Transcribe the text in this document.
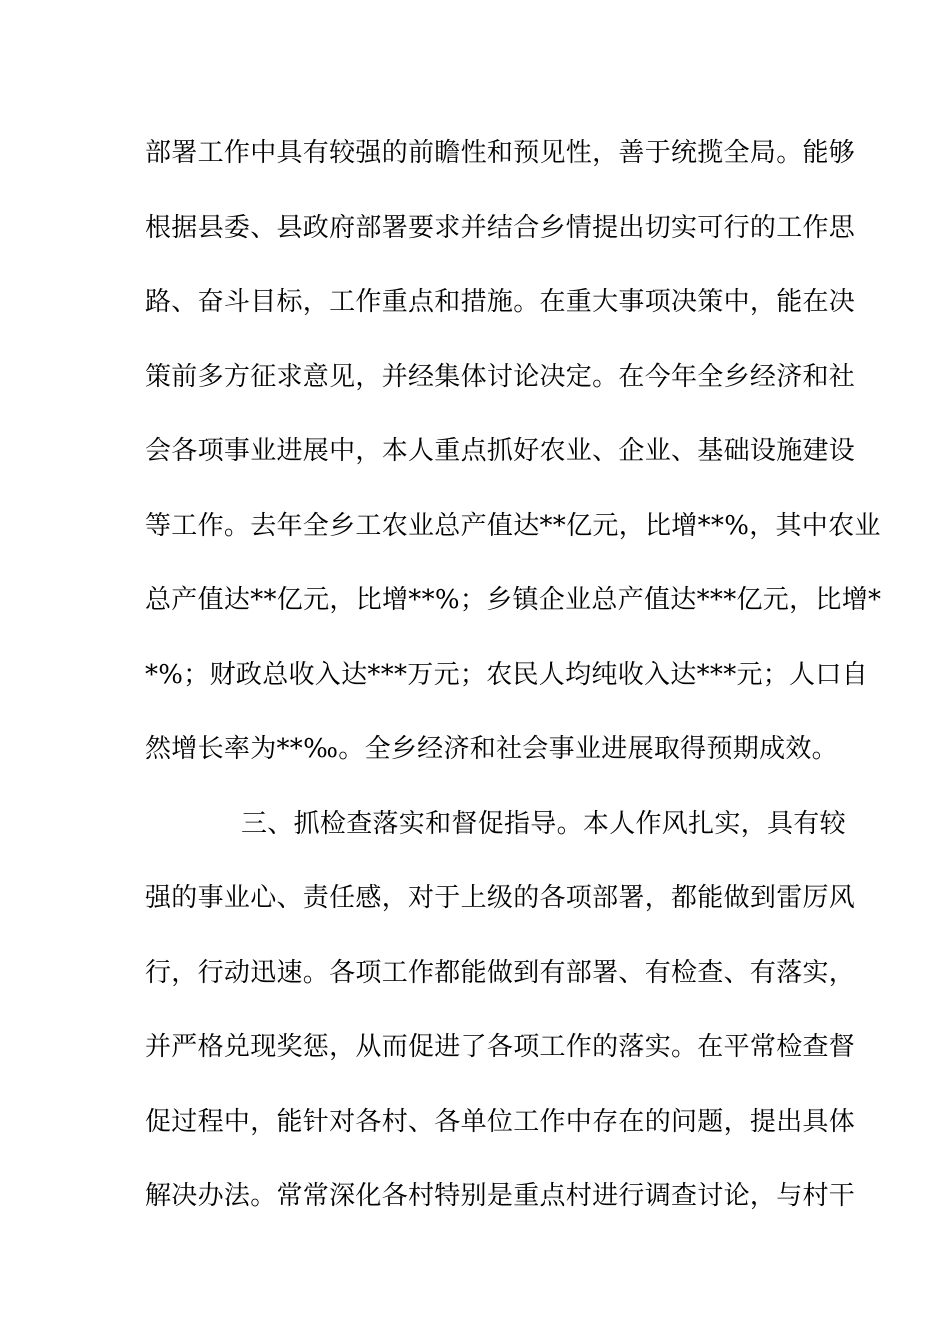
部署工作中具有较强的前瞻性和预见性，善于统揽全局。能够
根据县委、县政府部署要求并结合乡情提出切实可行的工作思
路、奋斗目标，工作重点和措施。在重大事项决策中，能在决
策前多方征求意见，并经集体讨论决定。在今年全乡经济和社
会各项事业进展中，本人重点抓好农业、企业、基础设施建设
等工作。去年全乡工农业总产值达**亿元，比增**%，其中农业
总产值达**亿元，比增**%；乡镇企业总产值达***亿元，比增*
*%；财政总收入达***万元；农民人均纯收入达***元；人口自
然增长率为**‰。全乡经济和社会事业进展取得预期成效。
三、抓检查落实和督促指导。本人作风扎实，具有较
强的事业心、责任感，对于上级的各项部署，都能做到雷厉风
行，行动迅速。各项工作都能做到有部署、有检查、有落实，
并严格兑现奖惩，从而促进了各项工作的落实。在平常检查督
促过程中，能针对各村、各单位工作中存在的问题，提出具体
解决办法。常常深化各村特别是重点村进行调查讨论，与村干
